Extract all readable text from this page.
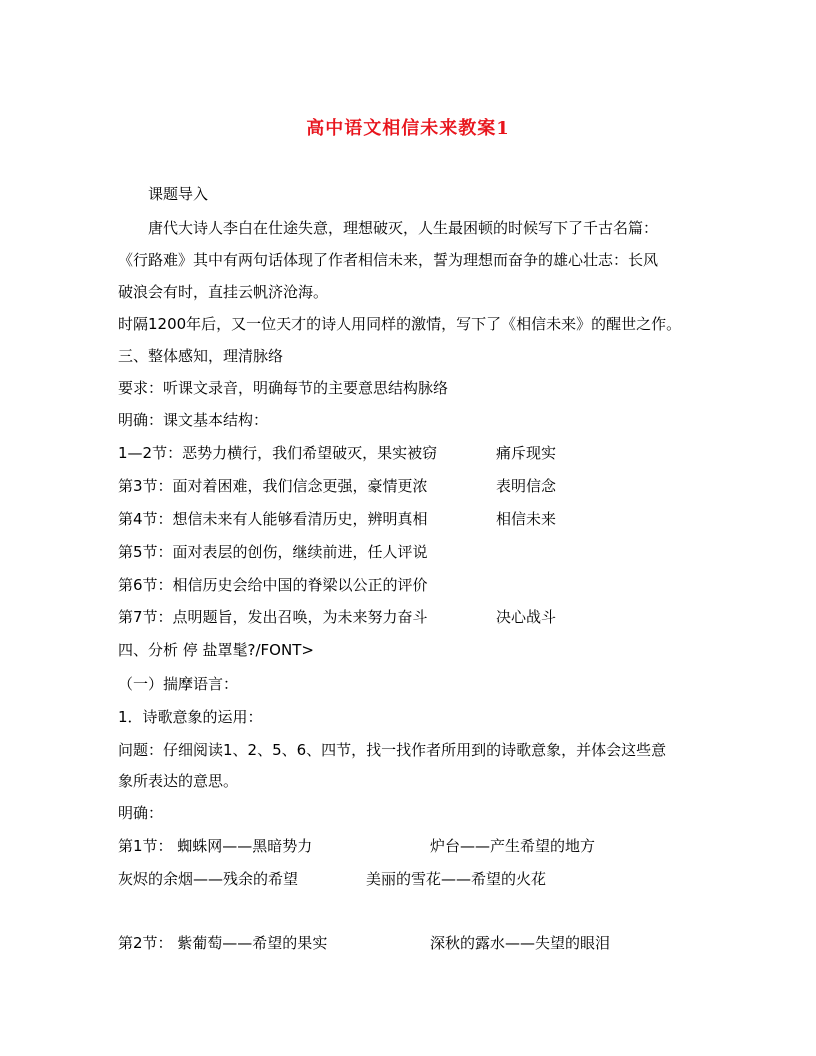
高中语文相信未来教案1
课题导入
唐代大诗人李白在仕途失意，理想破灭，人生最困顿的时候写下了千古名篇：
《行路难》其中有两句话体现了作者相信未来，誓为理想而奋争的雄心壮志：长风
破浪会有时，直挂云帆济沧海。
时隔1200年后，又一位天才的诗人用同样的激情，写下了《相信未来》的醒世之作。
三、整体感知，理清脉络
要求：听课文录音，明确每节的主要意思结构脉络
明确：课文基本结构：
1—2节：恶势力横行，我们希望破灭，果实被窃	痛斥现实
第3节：面对着困难，我们信念更强，豪情更浓	表明信念
第4节：想信未来有人能够看清历史，辨明真相	相信未来
第5节：面对表层的创伤，继续前进，任人评说
第6节：相信历史会给中国的脊梁以公正的评价
第7节：点明题旨，发出召唤，为未来努力奋斗	决心战斗
四、分析 停 盐罩髦?/FONT>
（一）揣摩语言：
1．诗歌意象的运用：
问题：仔细阅读1、2、5、6、四节，找一找作者所用到的诗歌意象，并体会这些意
象所表达的意思。
明确：
第1节： 蜘蛛网——黑暗势力	炉台——产生希望的地方
灰烬的余烟——残余的希望	美丽的雪花——希望的火花
第2节： 紫葡萄——希望的果实	深秋的露水——失望的眼泪
